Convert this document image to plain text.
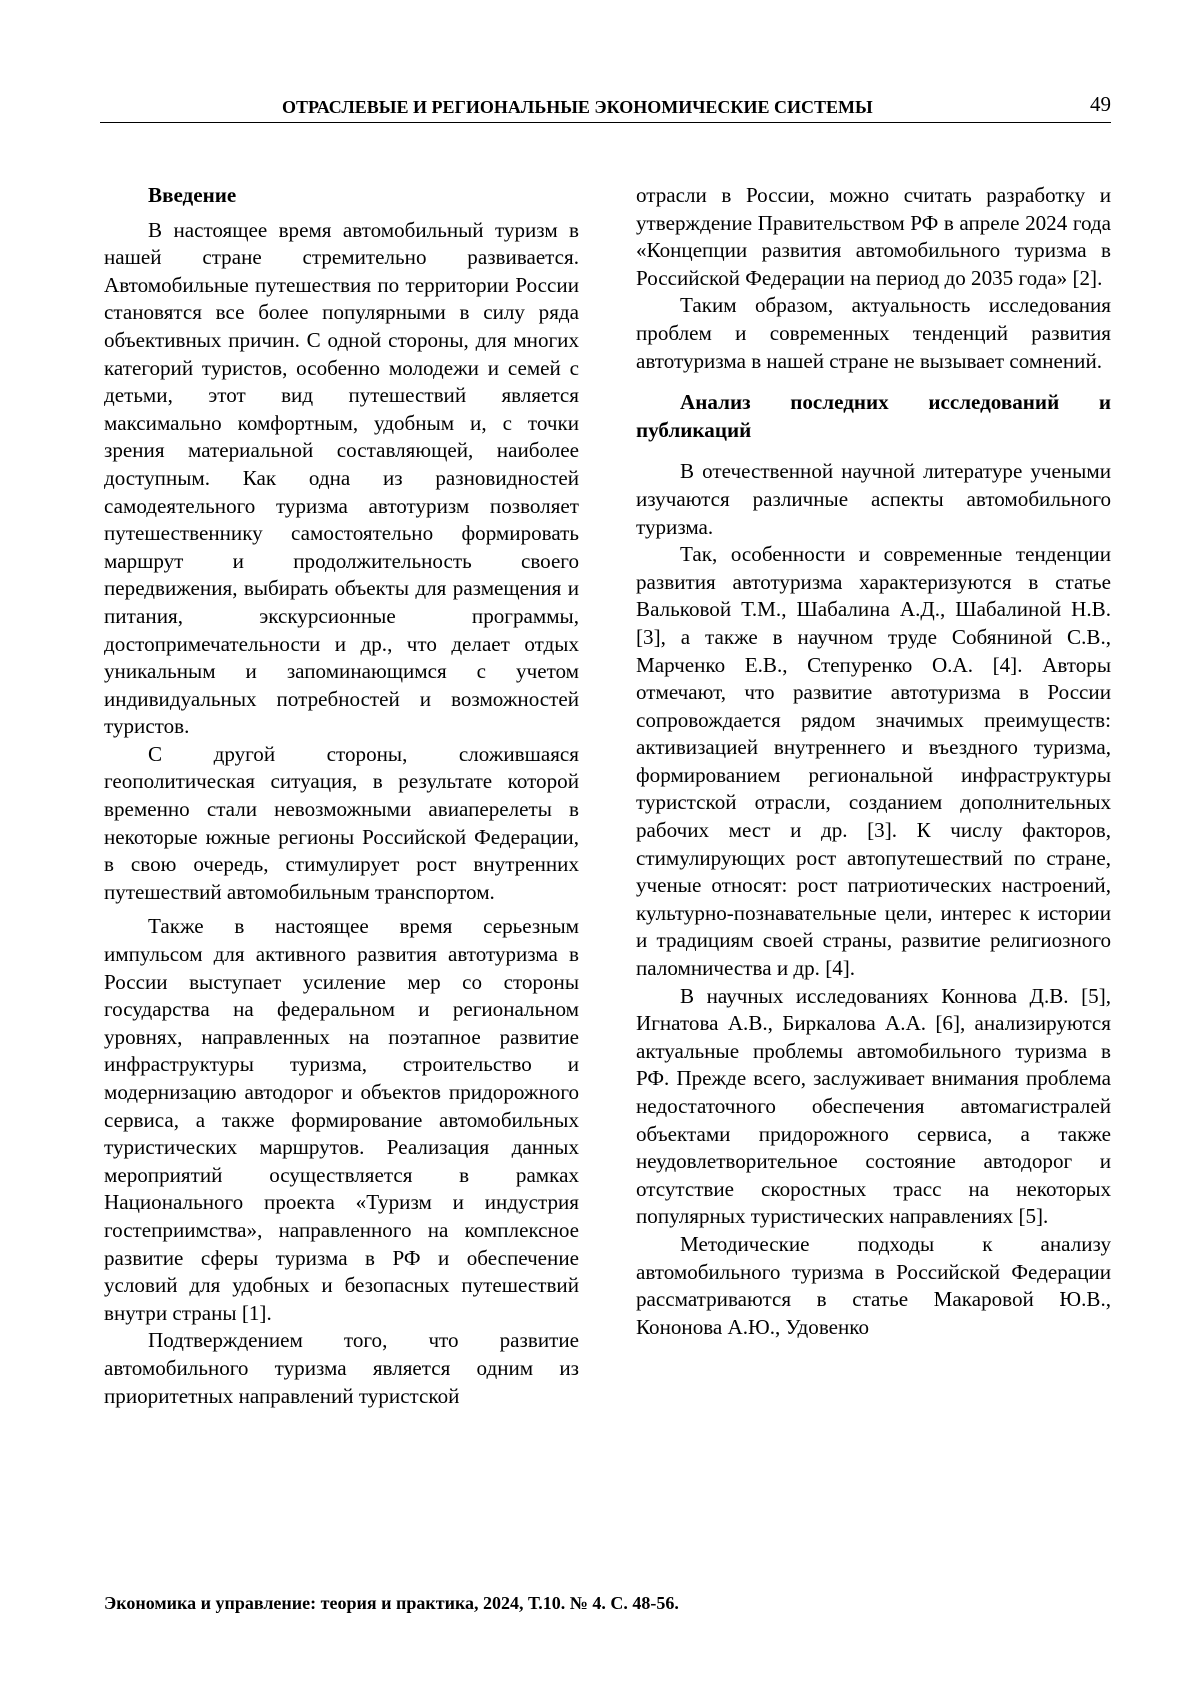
ОТРАСЛЕВЫЕ И РЕГИОНАЛЬНЫЕ ЭКОНОМИЧЕСКИЕ СИСТЕМЫ	49
Введение

В настоящее время автомобильный туризм в нашей стране стремительно развивается. Автомобильные путешествия по территории России становятся все более популярными в силу ряда объективных причин. С одной стороны, для многих категорий туристов, особенно молодежи и семей с детьми, этот вид путешествий является максимально комфортным, удобным и, с точки зрения материальной составляющей, наиболее доступным. Как одна из разновидностей самодеятельного туризма автотуризм позволяет путешественнику самостоятельно формировать маршрут и продолжительность своего передвижения, выбирать объекты для размещения и питания, экскурсионные программы, достопримечательности и др., что делает отдых уникальным и запоминающимся с учетом индивидуальных потребностей и возможностей туристов.

С другой стороны, сложившаяся геополитическая ситуация, в результате которой временно стали невозможными авиаперелеты в некоторые южные регионы Российской Федерации, в свою очередь, стимулирует рост внутренних путешествий автомобильным транспортом.

Также в настоящее время серьезным импульсом для активного развития автотуризма в России выступает усиление мер со стороны государства на федеральном и региональном уровнях, направленных на поэтапное развитие инфраструктуры туризма, строительство и модернизацию автодорог и объектов придорожного сервиса, а также формирование автомобильных туристических маршрутов. Реализация данных мероприятий осуществляется в рамках Национального проекта «Туризм и индустрия гостеприимства», направленного на комплексное развитие сферы туризма в РФ и обеспечение условий для удобных и безопасных путешествий внутри страны [1].

Подтверждением того, что развитие автомобильного туризма является одним из приоритетных направлений туристской

отрасли в России, можно считать разработку и утверждение Правительством РФ в апреле 2024 года «Концепции развития автомобильного туризма в Российской Федерации на период до 2035 года» [2].

Таким образом, актуальность исследования проблем и современных тенденций развития автотуризма в нашей стране не вызывает сомнений.

Анализ последних исследований и публикаций

В отечественной научной литературе учеными изучаются различные аспекты автомобильного туризма.

Так, особенности и современные тенденции развития автотуризма характеризуются в статье Вальковой Т.М., Шабалина А.Д., Шабалиной Н.В. [3], а также в научном труде Собяниной С.В., Марченко Е.В., Степуренко О.А. [4]. Авторы отмечают, что развитие автотуризма в России сопровождается рядом значимых преимуществ: активизацией внутреннего и въездного туризма, формированием региональной инфраструктуры туристской отрасли, созданием дополнительных рабочих мест и др. [3]. К числу факторов, стимулирующих рост автопутешествий по стране, ученые относят: рост патриотических настроений, культурно-познавательные цели, интерес к истории и традициям своей страны, развитие религиозного паломничества и др. [4].

В научных исследованиях Коннова Д.В. [5], Игнатова А.В., Биркалова А.А. [6], анализируются актуальные проблемы автомобильного туризма в РФ. Прежде всего, заслуживает внимания проблема недостаточного обеспечения автомагистралей объектами придорожного сервиса, а также неудовлетворительное состояние автодорог и отсутствие скоростных трасс на некоторых популярных туристических направлениях [5].

Методические подходы к анализу автомобильного туризма в Российской Федерации рассматриваются в статье Макаровой Ю.В., Кононова А.Ю., Удовенко

Экономика и управление: теория и практика, 2024, Т.10. № 4. С. 48-56.
